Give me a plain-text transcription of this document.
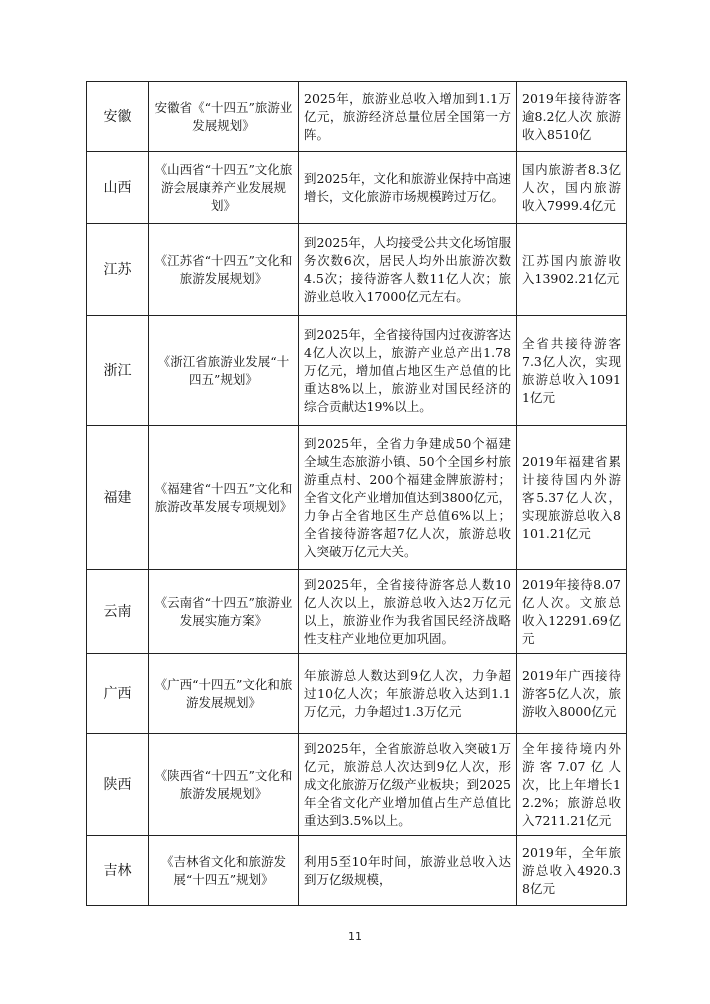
安徽	安徽省《“十四五”旅游业发展规划》	2025年，旅游业总收入增加到1.1万亿元，旅游经济总量位居全国第一方阵。	2019年接待游客逾8.2亿人次 旅游收入8510亿
山西	《山西省“十四五”文化旅游会展康养产业发展规划》	到2025年，文化和旅游业保持中高速增长，文化旅游市场规模跨过万亿。	国内旅游者8.3亿人次，国内旅游收入7999.4亿元
江苏	《江苏省“十四五”文化和旅游发展规划》	到2025年，人均接受公共文化场馆服务次数6次，居民人均外出旅游次数4.5次；接待游客人数11亿人次；旅游业总收入17000亿元左右。	江苏国内旅游收入13902.21亿元
浙江	《浙江省旅游业发展“十四五”规划》	到2025年，全省接待国内过夜游客达4亿人次以上，旅游产业总产出1.78万亿元，增加值占地区生产总值的比重达8%以上，旅游业对国民经济的综合贡献达19%以上。	全省共接待游客7.3亿人次，实现旅游总收入10911亿元
福建	《福建省“十四五”文化和旅游改革发展专项规划》	到2025年，全省力争建成50个福建全域生态旅游小镇、50个全国乡村旅游重点村、200个福建金牌旅游村；全省文化产业增加值达到3800亿元，力争占全省地区生产总值6%以上；全省接待游客超7亿人次，旅游总收入突破万亿元大关。	2019年福建省累计接待国内外游客5.37亿人次，实现旅游总收入8101.21亿元
云南	《云南省“十四五”旅游业发展实施方案》	到2025年，全省接待游客总人数10亿人次以上，旅游总收入达2万亿元以上，旅游业作为我省国民经济战略性支柱产业地位更加巩固。	2019年接待8.07亿人次。文旅总收入12291.69亿元
广西	《广西“十四五”文化和旅游发展规划》	年旅游总人数达到9亿人次，力争超过10亿人次；年旅游总收入达到1.1万亿元，力争超过1.3万亿元	2019年广西接待游客5亿人次，旅游收入8000亿元
陕西	《陕西省“十四五”文化和旅游发展规划》	到2025年，全省旅游总收入突破1万亿元，旅游总人次达到9亿人次，形成文化旅游万亿级产业板块；到2025年全省文化产业增加值占生产总值比重达到3.5%以上。	全年接待境内外游客7.07亿人次，比上年增长12.2%；旅游总收入7211.21亿元
吉林	《吉林省文化和旅游发展“十四五”规划》	利用5至10年时间，旅游业总收入达到万亿级规模，	2019年，全年旅游总收入4920.38亿元
11
